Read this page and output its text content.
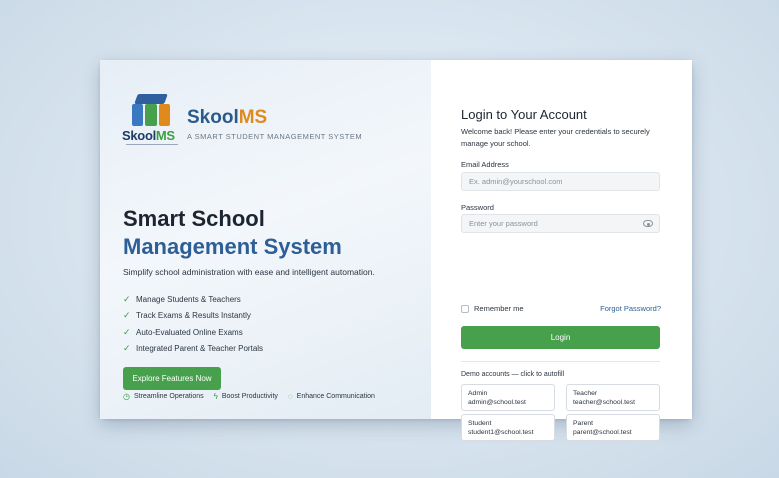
SkoolMS
SkoolMS
A SMART STUDENT MANAGEMENT SYSTEM
Smart School
Management System
Simplify school administration with ease and intelligent automation.
✓ Manage Students & Teachers
✓ Track Exams & Results Instantly
✓ Auto-Evaluated Online Exams
✓ Integrated Parent & Teacher Portals
Explore Features Now
◷ Streamline Operations ϟ Boost Productivity ◌ Enhance Communication
Login to Your Account
Welcome back! Please enter your credentials to securely manage your school.
Email Address
Ex. admin@yourschool.com
Password
Enter your password
Remember me	Forgot Password?
Login
Demo accounts — click to autofill
Admin
admin@school.test
Teacher
teacher@school.test
Student
student1@school.test
Parent
parent@school.test
